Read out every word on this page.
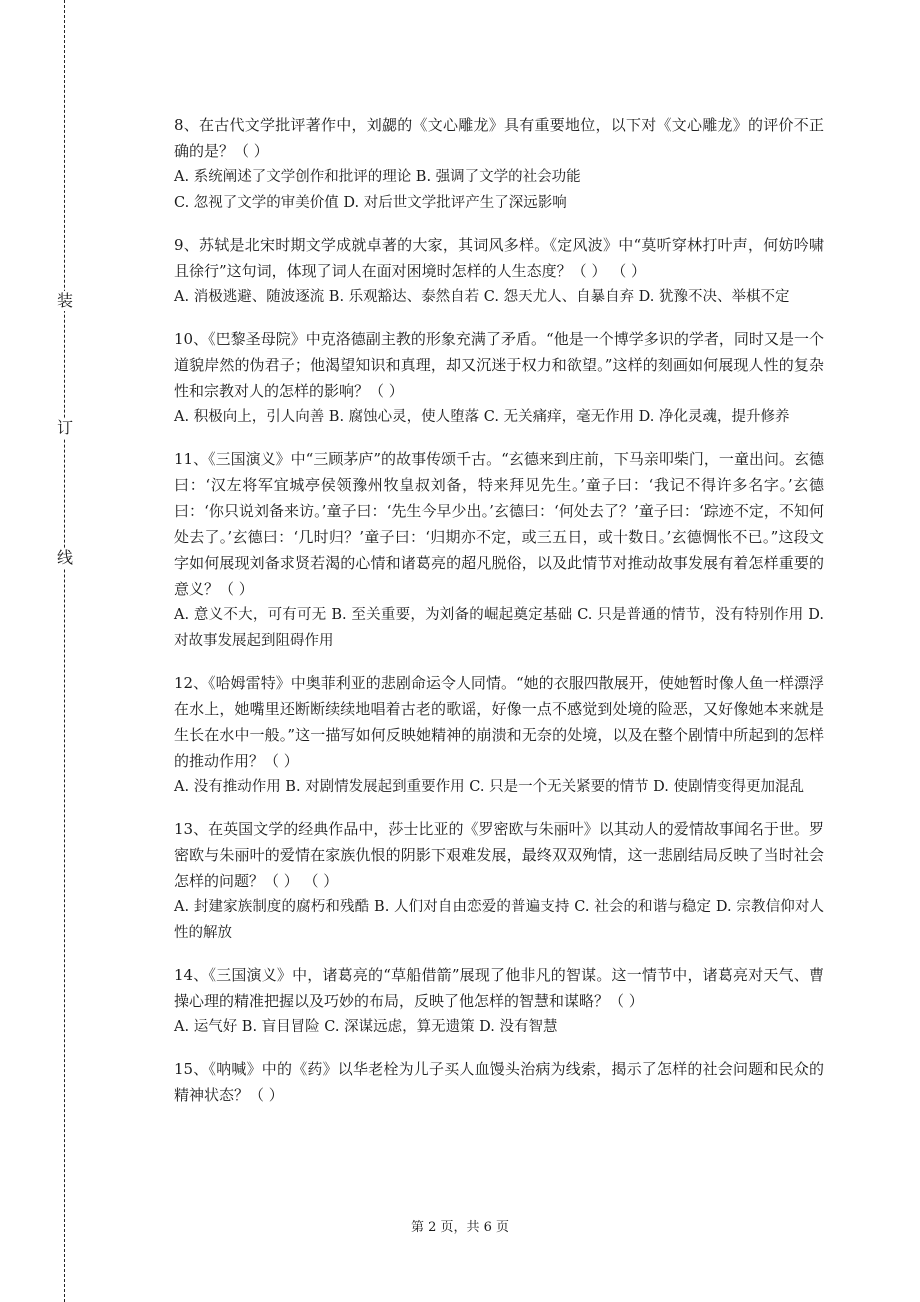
装
订
线

8、在古代文学批评著作中，刘勰的《文心雕龙》具有重要地位，以下对《文心雕龙》的评价不正确的是？（ ）

A. 系统阐述了文学创作和批评的理论 B. 强调了文学的社会功能
C. 忽视了文学的审美价值 D. 对后世文学批评产生了深远影响

9、苏轼是北宋时期文学成就卓著的大家，其词风多样。《定风波》中“莫听穿林打叶声，何妨吟啸且徐行”这句词，体现了词人在面对困境时怎样的人生态度？（ ） （ ）

A. 消极逃避、随波逐流 B. 乐观豁达、泰然自若 C. 怨天尤人、自暴自弃 D. 犹豫不决、举棋不定

10、《巴黎圣母院》中克洛德副主教的形象充满了矛盾。“他是一个博学多识的学者，同时又是一个道貌岸然的伪君子；他渴望知识和真理，却又沉迷于权力和欲望。”这样的刻画如何展现人性的复杂性和宗教对人的怎样的影响？（ ）

A. 积极向上，引人向善 B. 腐蚀心灵，使人堕落 C. 无关痛痒，毫无作用 D. 净化灵魂，提升修养

11、《三国演义》中“三顾茅庐”的故事传颂千古。“玄德来到庄前，下马亲叩柴门，一童出问。玄德曰：‘汉左将军宜城亭侯领豫州牧皇叔刘备，特来拜见先生。’童子曰：‘我记不得许多名字。’玄德曰：‘你只说刘备来访。’童子曰：‘先生今早少出。’玄德曰：‘何处去了？’童子曰：‘踪迹不定，不知何处去了。’玄德曰：‘几时归？’童子曰：‘归期亦不定，或三五日，或十数日。’玄德惆怅不已。”这段文字如何展现刘备求贤若渴的心情和诸葛亮的超凡脱俗，以及此情节对推动故事发展有着怎样重要的意义？（ ）

A. 意义不大，可有可无 B. 至关重要，为刘备的崛起奠定基础 C. 只是普通的情节，没有特别作用 D. 对故事发展起到阻碍作用

12、《哈姆雷特》中奥菲利亚的悲剧命运令人同情。“她的衣服四散展开，使她暂时像人鱼一样漂浮在水上，她嘴里还断断续续地唱着古老的歌谣，好像一点不感觉到处境的险恶，又好像她本来就是生长在水中一般。”这一描写如何反映她精神的崩溃和无奈的处境，以及在整个剧情中所起到的怎样的推动作用？（ ）

A. 没有推动作用 B. 对剧情发展起到重要作用 C. 只是一个无关紧要的情节 D. 使剧情变得更加混乱

13、在英国文学的经典作品中，莎士比亚的《罗密欧与朱丽叶》以其动人的爱情故事闻名于世。罗密欧与朱丽叶的爱情在家族仇恨的阴影下艰难发展，最终双双殉情，这一悲剧结局反映了当时社会怎样的问题？（ ） （ ）

A. 封建家族制度的腐朽和残酷 B. 人们对自由恋爱的普遍支持 C. 社会的和谐与稳定 D. 宗教信仰对人性的解放

14、《三国演义》中，诸葛亮的“草船借箭”展现了他非凡的智谋。这一情节中，诸葛亮对天气、曹操心理的精准把握以及巧妙的布局，反映了他怎样的智慧和谋略？（ ）

A. 运气好 B. 盲目冒险 C. 深谋远虑，算无遗策 D. 没有智慧

15、《呐喊》中的《药》以华老栓为儿子买人血馒头治病为线索，揭示了怎样的社会问题和民众的精神状态？（ ）

第 2 页，共 6 页
